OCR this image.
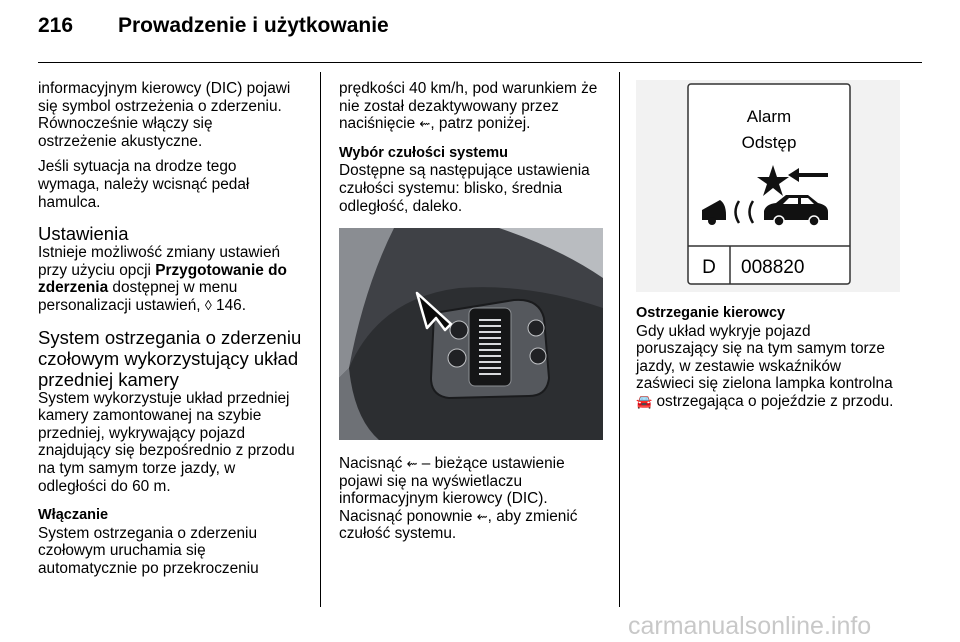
216 Prowadzenie i użytkowanie

informacyjnym kierowcy (DIC) pojawi
się symbol ostrzeżenia o zderzeniu.
Równocześnie włączy się
ostrzeżenie akustyczne.

Jeśli sytuacja na drodze tego
wymaga, należy wcisnąć pedał
hamulca.

Ustawienia

Istnieje możliwość zmiany ustawień
przy użyciu opcji Przygotowanie do
zderzenia dostępnej w menu
personalizacji ustawień, ◊ 146.

System ostrzegania o zderzeniu
czołowym wykorzystujący układ
przedniej kamery

System wykorzystuje układ przedniej
kamery zamontowanej na szybie
przedniej, wykrywający pojazd
znajdujący się bezpośrednio z przodu
na tym samym torze jazdy, w
odległości do 60 m.

Włączanie

System ostrzegania o zderzeniu
czołowym uruchamia się
automatycznie po przekroczeniu

prędkości 40 km/h, pod warunkiem że
nie został dezaktywowany przez
naciśnięcie ⇜, patrz poniżej.

Wybór czułości systemu

Dostępne są następujące ustawienia
czułości systemu: blisko, średnia
odległość, daleko.

Nacisnąć ⇜ – bieżące ustawienie
pojawi się na wyświetlaczu
informacyjnym kierowcy (DIC).
Nacisnąć ponownie ⇜, aby zmienić
czułość systemu.

Alarm
Odstęp
D 008820
Ostrzeganie kierowcy

Gdy układ wykryje pojazd
poruszający się na tym samym torze
jazdy, w zestawie wskaźników
zaświeci się zielona lampka kontrolna
🚘 ostrzegająca o pojeździe z przodu.

carmanualsonline.info
